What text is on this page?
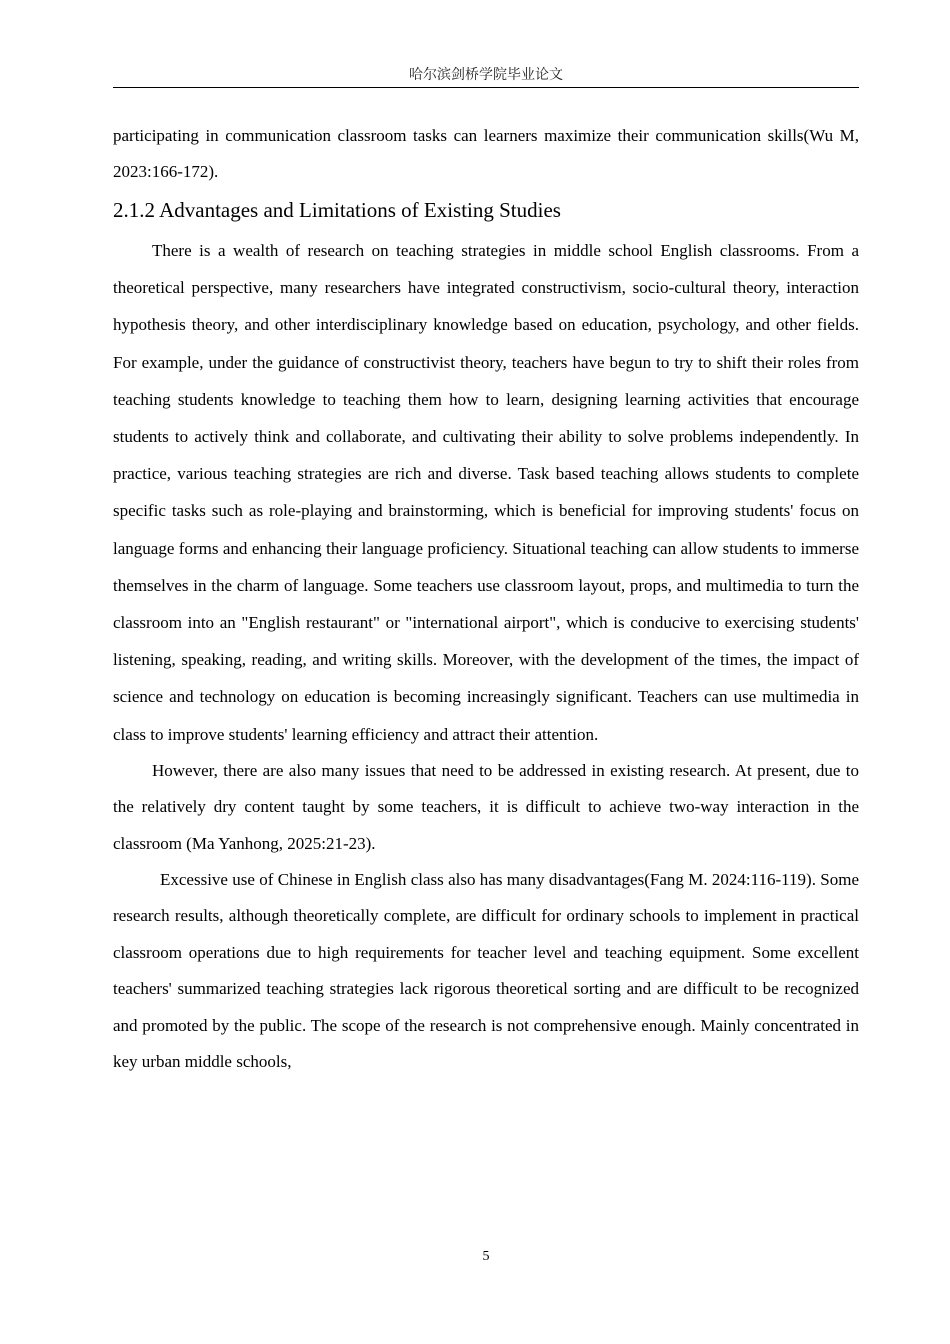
哈尔滨剑桥学院毕业论文

participating in communication classroom tasks can learners maximize their communication skills(Wu M, 2023:166-172).

2.1.2 Advantages and Limitations of Existing Studies

There is a wealth of research on teaching strategies in middle school English classrooms. From a theoretical perspective, many researchers have integrated constructivism, socio-cultural theory, interaction hypothesis theory, and other interdisciplinary knowledge based on education, psychology, and other fields. For example, under the guidance of constructivist theory, teachers have begun to try to shift their roles from teaching students knowledge to teaching them how to learn, designing learning activities that encourage students to actively think and collaborate, and cultivating their ability to solve problems independently. In practice, various teaching strategies are rich and diverse. Task based teaching allows students to complete specific tasks such as role-playing and brainstorming, which is beneficial for improving students' focus on language forms and enhancing their language proficiency. Situational teaching can allow students to immerse themselves in the charm of language. Some teachers use classroom layout, props, and multimedia to turn the classroom into an "English restaurant" or "international airport", which is conducive to exercising students' listening, speaking, reading, and writing skills. Moreover, with the development of the times, the impact of science and technology on education is becoming increasingly significant. Teachers can use multimedia in class to improve students' learning efficiency and attract their attention.

However, there are also many issues that need to be addressed in existing research. At present, due to the relatively dry content taught by some teachers, it is difficult to achieve two-way interaction in the classroom (Ma Yanhong, 2025:21-23).

Excessive use of Chinese in English class also has many disadvantages(Fang M. 2024:116-119). Some research results, although theoretically complete, are difficult for ordinary schools to implement in practical classroom operations due to high requirements for teacher level and teaching equipment. Some excellent teachers' summarized teaching strategies lack rigorous theoretical sorting and are difficult to be recognized and promoted by the public. The scope of the research is not comprehensive enough. Mainly concentrated in key urban middle schools,

5
